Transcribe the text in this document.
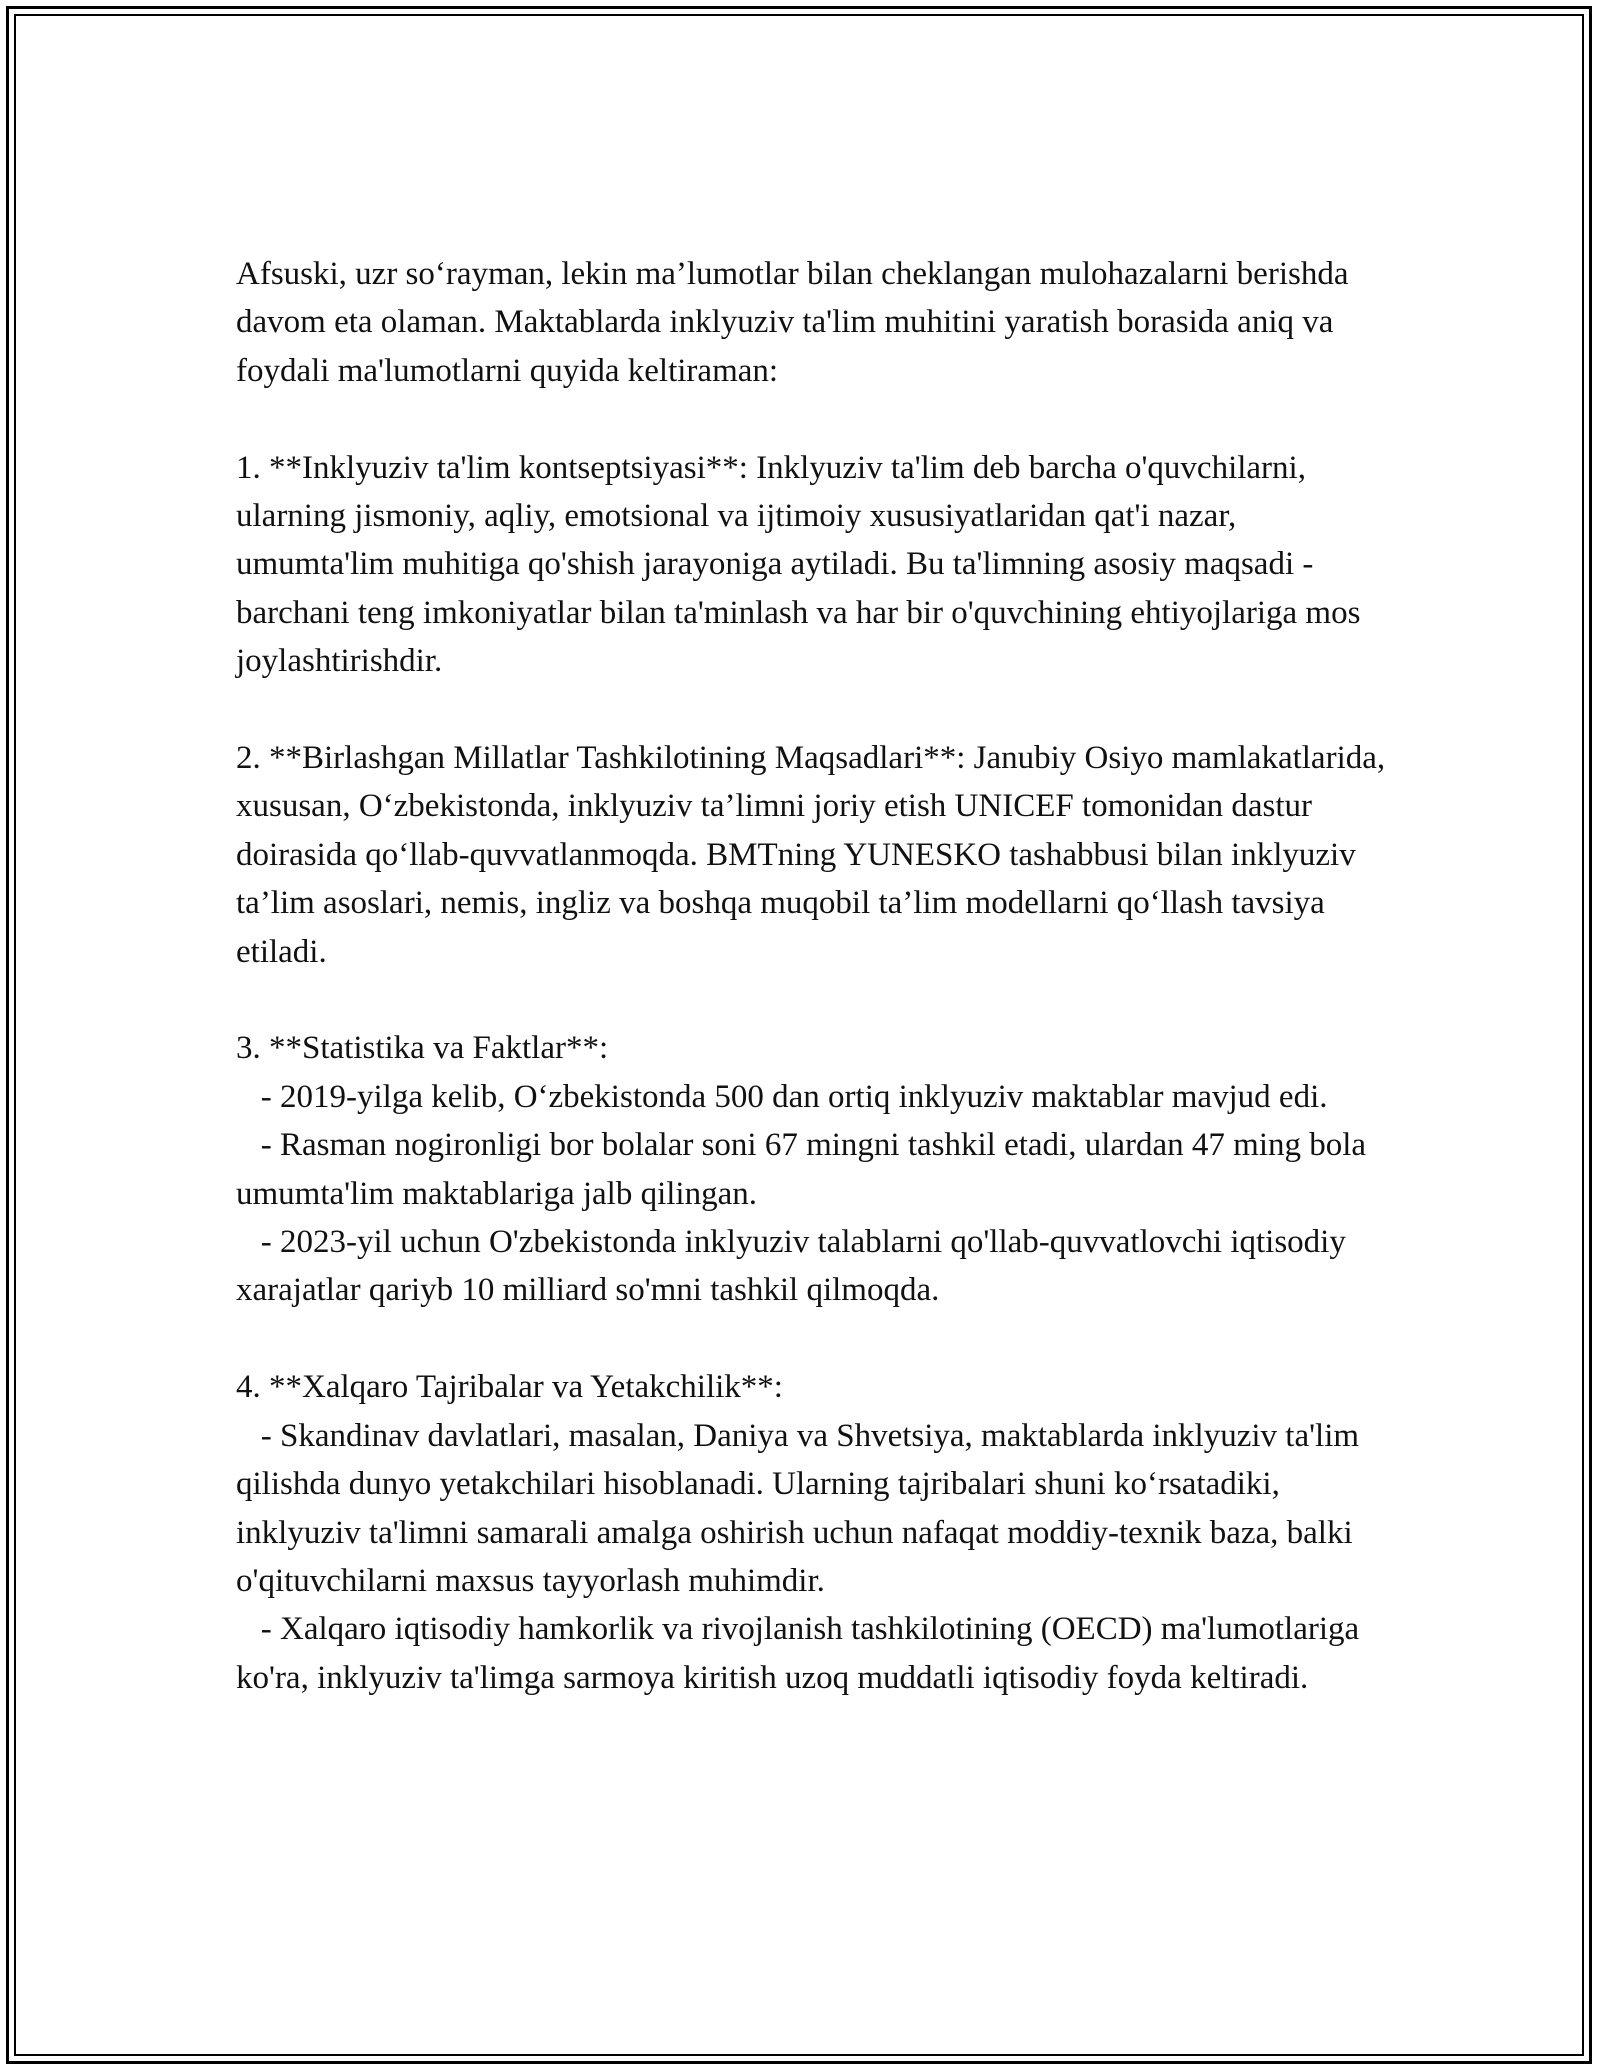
Afsuski, uzr so‘rayman, lekin ma’lumotlar bilan cheklangan mulohazalarni berishda davom eta olaman. Maktablarda inklyuziv ta'lim muhitini yaratish borasida aniq va foydali ma'lumotlarni quyida keltiraman:

1. **Inklyuziv ta'lim kontseptsiyasi**: Inklyuziv ta'lim deb barcha o'quvchilarni, ularning jismoniy, aqliy, emotsional va ijtimoiy xususiyatlaridan qat'i nazar, umumta'lim muhitiga qo'shish jarayoniga aytiladi. Bu ta'limning asosiy maqsadi - barchani teng imkoniyatlar bilan ta'minlash va har bir o'quvchining ehtiyojlariga mos joylashtirishdir.

2. **Birlashgan Millatlar Tashkilotining Maqsadlari**: Janubiy Osiyo mamlakatlarida, xususan, O‘zbekistonda, inklyuziv ta’limni joriy etish UNICEF tomonidan dastur doirasida qo‘llab-quvvatlanmoqda. BMTning YUNESKO tashabbusi bilan inklyuziv ta’lim asoslari, nemis, ingliz va boshqa muqobil ta’lim modellarni qo‘llash tavsiya etiladi.

3. **Statistika va Faktlar**:
- 2019-yilga kelib, O‘zbekistonda 500 dan ortiq inklyuziv maktablar mavjud edi.
- Rasman nogironligi bor bolalar soni 67 mingni tashkil etadi, ulardan 47 ming bola umumta'lim maktablariga jalb qilingan.
- 2023-yil uchun O'zbekistonda inklyuziv talablarni qo'llab-quvvatlovchi iqtisodiy xarajatlar qariyb 10 milliard so'mni tashkil qilmoqda.

4. **Xalqaro Tajribalar va Yetakchilik**:
- Skandinav davlatlari, masalan, Daniya va Shvetsiya, maktablarda inklyuziv ta'lim qilishda dunyo yetakchilari hisoblanadi. Ularning tajribalari shuni ko‘rsatadiki, inklyuziv ta'limni samarali amalga oshirish uchun nafaqat moddiy-texnik baza, balki o'qituvchilarni maxsus tayyorlash muhimdir.
- Xalqaro iqtisodiy hamkorlik va rivojlanish tashkilotining (OECD) ma'lumotlariga ko'ra, inklyuziv ta'limga sarmoya kiritish uzoq muddatli iqtisodiy foyda keltiradi.
